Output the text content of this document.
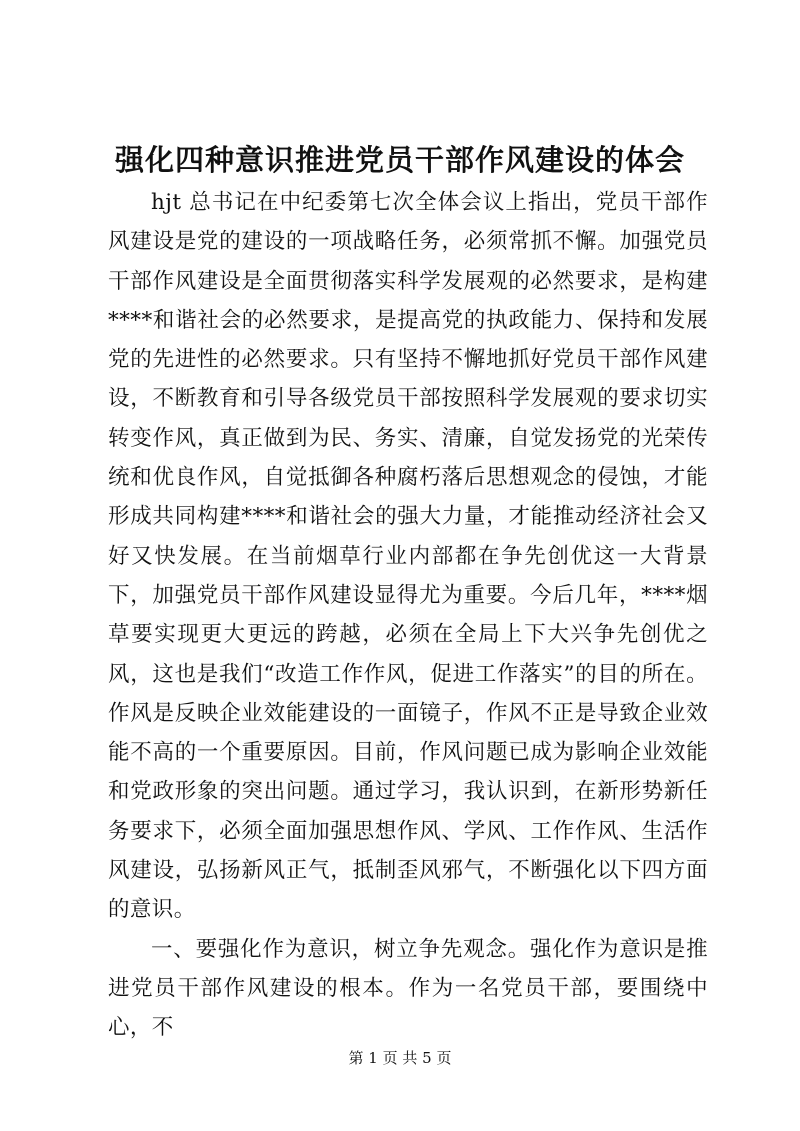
强化四种意识推进党员干部作风建设的体会

hjt 总书记在中纪委第七次全体会议上指出，党员干部作风建设是党的建设的一项战略任务，必须常抓不懈。加强党员干部作风建设是全面贯彻落实科学发展观的必然要求，是构建****和谐社会的必然要求，是提高党的执政能力、保持和发展党的先进性的必然要求。只有坚持不懈地抓好党员干部作风建设，不断教育和引导各级党员干部按照科学发展观的要求切实转变作风，真正做到为民、务实、清廉，自觉发扬党的光荣传统和优良作风，自觉抵御各种腐朽落后思想观念的侵蚀，才能形成共同构建****和谐社会的强大力量，才能推动经济社会又好又快发展。在当前烟草行业内部都在争先创优这一大背景下，加强党员干部作风建设显得尤为重要。今后几年，****烟草要实现更大更远的跨越，必须在全局上下大兴争先创优之风，这也是我们“改造工作作风，促进工作落实”的目的所在。作风是反映企业效能建设的一面镜子，作风不正是导致企业效能不高的一个重要原因。目前，作风问题已成为影响企业效能和党政形象的突出问题。通过学习，我认识到，在新形势新任务要求下，必须全面加强思想作风、学风、工作作风、生活作风建设，弘扬新风正气，抵制歪风邪气，不断强化以下四方面的意识。

一、要强化作为意识，树立争先观念。强化作为意识是推进党员干部作风建设的根本。作为一名党员干部，要围绕中心，不

第 1 页 共 5 页
